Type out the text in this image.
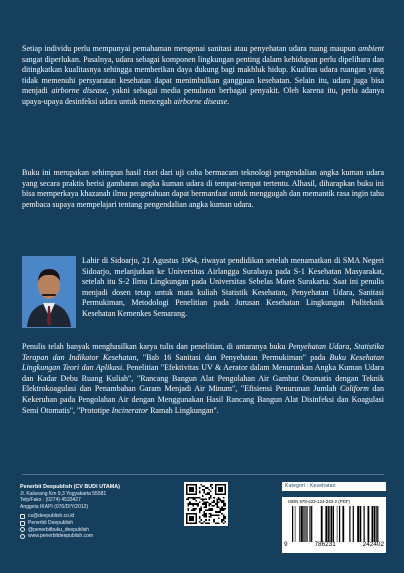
Setiap individu perlu mempunyai pemahaman mengenai sanitasi atau penyehatan udara ruang maupun ambient sangat diperlukan. Pasalnya, udara sebagai komponen lingkungan penting dalam kehidupan perlu dipelihara dan ditingkatkan kualitasnya sehingga memberikan daya dukung bagi makhluk hidup. Kualitas udara ruangan yang tidak memenuhi persyaratan kesehatan dapat menimbulkan gangguan kesehatan. Selain itu, udara juga bisa menjadi airborne disease, yakni sebagai media penularan berbagai penyakit. Oleh karena itu, perlu adanya upaya-upaya desinfeksi udara untuk mencegah airborne disease.

Buku ini merupakan sehimpun hasil riset dari uji coba bermacam teknologi pengendalian angka kuman udara yang secara praktis berisi gambaran angka kuman udara di tempat-tempat tertentu. Alhasil, diharapkan buku ini bisa memperkaya khazanah ilmu pengetahuan dapat bermanfaat untuk menggugah dan memantik rasa ingin tahu pembaca supaya mempelajari tentang pengendalian angka kuman udara.

Lahir di Sidoarjo, 21 Agustus 1964, riwayat pendidikan setelah menamatkan di SMA Negeri Sidoarjo, melanjutkan ke Universitas Airlangga Surabaya pada S-1 Kesehatan Masyarakat, setelah itu S-2 Ilmu Lingkungan pada Universitas Sebelas Maret Surakarta. Saat ini penulis menjadi dosen tetap untuk mata kuliah Statistik Kesehatan, Penyehatan Udara, Sanitasi Permukiman, Metodologi Penelitian pada Jurusan Kesehatan Lingkungan Politeknik Kesehatan Kemenkes Semarang.

Penulis telah banyak menghasilkan karya tulis dan penelitian, di antaranya buku Penyehatan Udara, Statistika Terapan dan Indikator Kesehatan, "Bab 16 Sanitasi dan Penyehatan Permukiman" pada Buku Kesehatan Lingkungan Teori dan Aplikasi. Penelitian "Efektivitas UV & Aerator dalam Menurunkan Angka Kuman Udara dan Kadar Debu Ruang Kuliah", "Rancang Bangun Alat Pengolahan Air Gambut Otomatis dengan Teknik Elektrokoagulasi dan Penambahan Garam Menjadi Air Minum", "Efisiensi Penurunan Jumlah Coliform dan Kekeruhan pada Pengolahan Air dengan Menggunakan Hasil Rancang Bangun Alat Disinfeksi dan Koagulasi Semi Otomatis", "Prototipe Incinerator Ramah Lingkungan".

Penerbit Deepublish (CV BUDI UTAMA)
Jl. Kaliurang Km 9,3 Yogyakarta 55581
Telp/Faks : (0274) 4533427
Anggota IKAPI (076/DIY/2012)
cs@deepublish.co.id
Penerbit Deepublish
@penerbitbuku_deepublish
www.penerbitdeepublish.com
Kategori : Kesehatan
ISBN 978-623-124-240-2 (PDF)
9	786231	242402
